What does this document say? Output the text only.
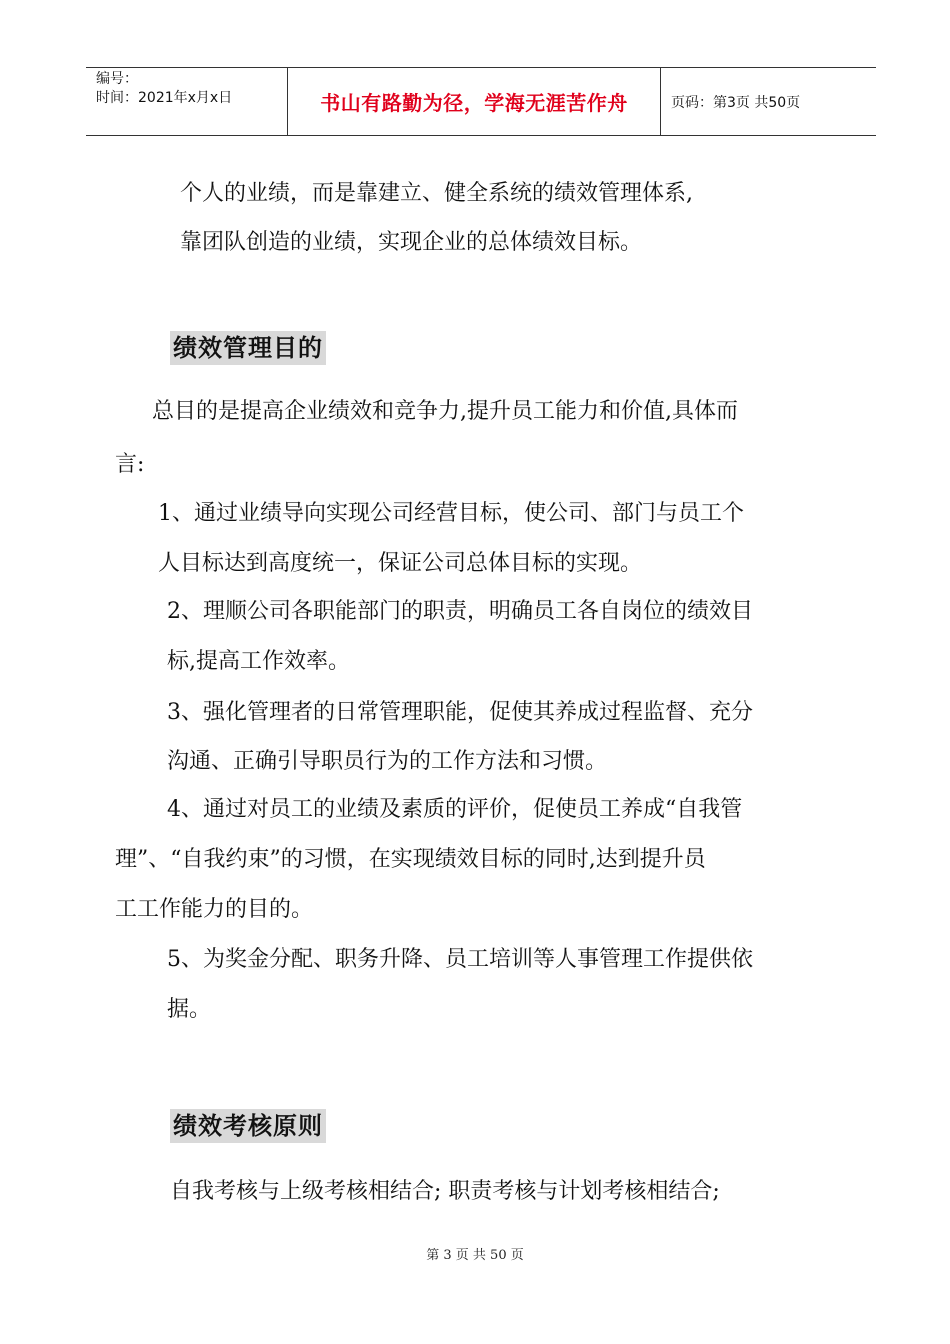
编号：
时间：2021年x月x日	书山有路勤为径，学海无涯苦作舟	页码：第3页 共50页
个人的业绩，而是靠建立、健全系统的绩效管理体系,
靠团队创造的业绩，实现企业的总体绩效目标。
绩效管理目的
总目的是提高企业绩效和竞争力,提升员工能力和价值,具体而
言:
1、通过业绩导向实现公司经营目标，使公司、部门与员工个
人目标达到高度统一，保证公司总体目标的实现。
2、理顺公司各职能部门的职责，明确员工各自岗位的绩效目
标,提高工作效率。
3、强化管理者的日常管理职能，促使其养成过程监督、充分
沟通、正确引导职员行为的工作方法和习惯。
4、通过对员工的业绩及素质的评价，促使员工养成“自我管
理”、“自我约束”的习惯，在实现绩效目标的同时,达到提升员
工工作能力的目的。
5、为奖金分配、职务升降、员工培训等人事管理工作提供依
据。
绩效考核原则
自我考核与上级考核相结合; 职责考核与计划考核相结合;
第 3 页 共 50 页
